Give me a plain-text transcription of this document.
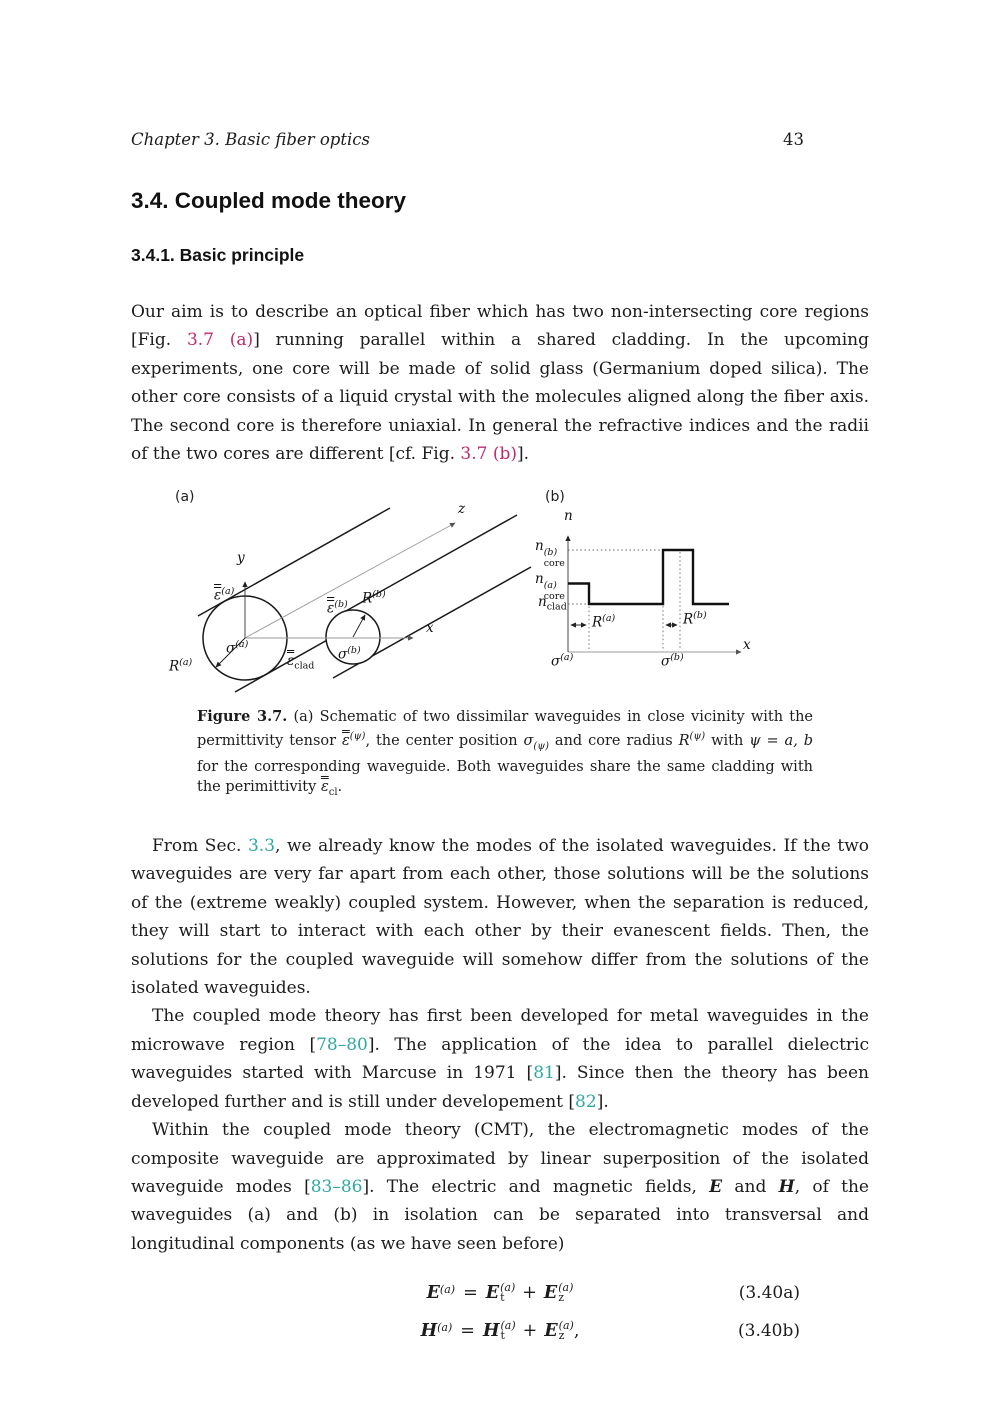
Chapter 3. Basic fiber optics	43
3.4. Coupled mode theory
3.4.1. Basic principle

Our aim is to describe an optical fiber which has two non-intersecting core regions [Fig. 3.7 (a)] running parallel within a shared cladding. In the upcoming experiments, one core will be made of solid glass (Germanium doped silica). The other core consists of a liquid crystal with the molecules aligned along the fiber axis. The second core is therefore uniaxial. In general the refractive indices and the radii of the two cores are different [cf. Fig. 3.7 (b)].

(a)
y
z
x
$\varepsilon^{(a)}$
$\sigma^{(a)}$
$R^{(a)}$
$\varepsilon^{(b)}$
$\sigma^{(b)}$
$R^{(b)}$
$\varepsilon_{clad}$
(b)
n
x
n (b)
core
n (a)
core
$n_{clad}$
$R^{(a)}$	$R^{(b)}$
$\sigma^{(a)}$	$\sigma^{(b)}$
Figure 3.7. (a) Schematic of two dissimilar waveguides in close vicinity with the permittivity tensor $\varepsilon^{(\psi)}$, the center position $\sigma_{(\psi)}$ and core radius $R^{(\psi)}$ with ψ = a, b for the corresponding waveguide. Both waveguides share the same cladding with the perimittivity $\varepsilon_{cl}$.

From Sec. 3.3, we already know the modes of the isolated waveguides. If the two waveguides are very far apart from each other, those solutions will be the solutions of the (extreme weakly) coupled system. However, when the separation is reduced, they will start to interact with each other by their evanescent fields. Then, the solutions for the coupled waveguide will somehow differ from the solutions of the isolated waveguides.

The coupled mode theory has first been developed for metal waveguides in the microwave region [78–80]. The application of the idea to parallel dielectric waveguides started with Marcuse in 1971 [81]. Since then the theory has been developed further and is still under developement [82].

Within the coupled mode theory (CMT), the electromagnetic modes of the composite waveguide are approximated by linear superposition of the isolated waveguide modes [83–86]. The electric and magnetic fields, E and H, of the waveguides (a) and (b) in isolation can be separated into transversal and longitudinal components (as we have seen before)

E (a) = E (a)
t + E (a)
z	(3.40a)
H (a) = H (a)
t + E (a)
z ,	(3.40b)
